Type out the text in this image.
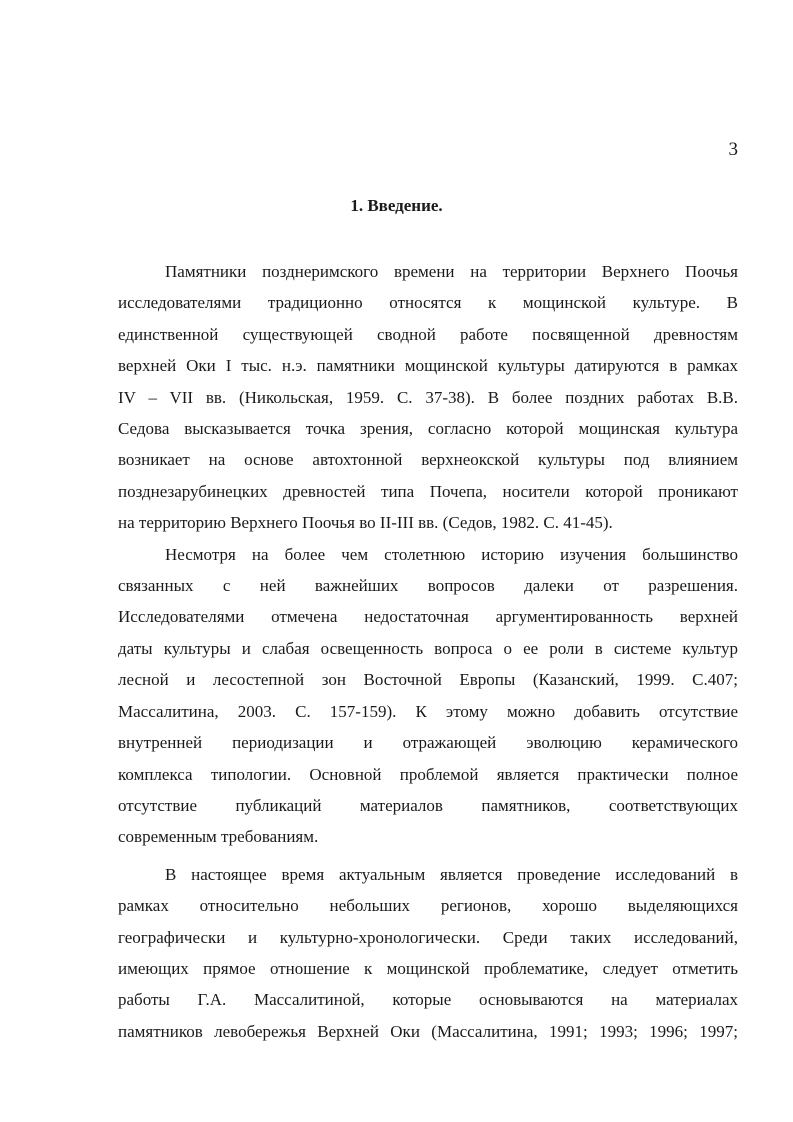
3
1. Введение.
Памятники позднеримского времени на территории Верхнего Поочья
исследователями традиционно относятся к мощинской культуре. В
единственной существующей сводной работе посвященной древностям
верхней Оки I тыс. н.э. памятники мощинской культуры датируются в рамках
IV – VII вв. (Никольская, 1959. С. 37-38). В более поздних работах В.В.
Седова высказывается точка зрения, согласно которой мощинская культура
возникает на основе автохтонной верхнеокской культуры под влиянием
позднезарубинецких древностей типа Почепа, носители которой проникают
на территорию Верхнего Поочья во II-III вв. (Седов, 1982. С. 41-45).
Несмотря на более чем столетнюю историю изучения большинство
связанных с ней важнейших вопросов далеки от разрешения.
Исследователями отмечена недостаточная аргументированность верхней
даты культуры и слабая освещенность вопроса о ее роли в системе культур
лесной и лесостепной зон Восточной Европы (Казанский, 1999. С.407;
Массалитина, 2003. С. 157-159). К этому можно добавить отсутствие
внутренней периодизации и отражающей эволюцию керамического
комплекса типологии. Основной проблемой является практически полное
отсутствие публикаций материалов памятников, соответствующих
современным требованиям.
В настоящее время актуальным является проведение исследований в
рамках относительно небольших регионов, хорошо выделяющихся
географически и культурно-хронологически. Среди таких исследований,
имеющих прямое отношение к мощинской проблематике, следует отметить
работы Г.А. Массалитиной, которые основываются на материалах
памятников левобережья Верхней Оки (Массалитина, 1991; 1993; 1996; 1997;
